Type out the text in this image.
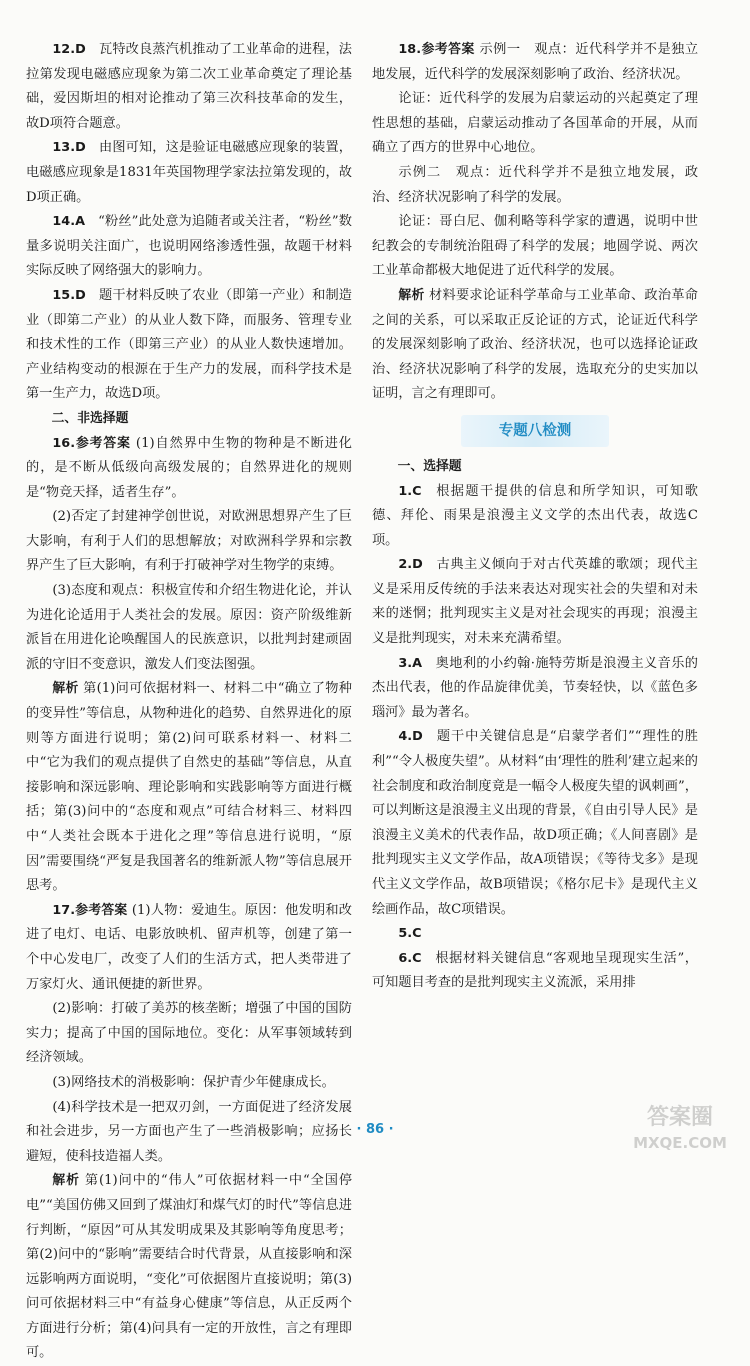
12.D  瓦特改良蒸汽机推动了工业革命的进程，法拉第发现电磁感应现象为第二次工业革命奠定了理论基础，爱因斯坦的相对论推动了第三次科技革命的发生，故D项符合题意。

13.D  由图可知，这是验证电磁感应现象的装置，电磁感应现象是1831年英国物理学家法拉第发现的，故D项正确。

14.A  “粉丝”此处意为追随者或关注者，“粉丝”数量多说明关注面广，也说明网络渗透性强，故题干材料实际反映了网络强大的影响力。

15.D  题干材料反映了农业（即第一产业）和制造业（即第二产业）的从业人数下降，而服务、管理专业和技术性的工作（即第三产业）的从业人数快速增加。产业结构变动的根源在于生产力的发展，而科学技术是第一生产力，故选D项。

二、非选择题

16.参考答案 (1)自然界中生物的物种是不断进化的，是不断从低级向高级发展的；自然界进化的规则是“物竞天择，适者生存”。

(2)否定了封建神学创世说，对欧洲思想界产生了巨大影响，有利于人们的思想解放；对欧洲科学界和宗教界产生了巨大影响，有利于打破神学对生物学的束缚。

(3)态度和观点：积极宣传和介绍生物进化论，并认为进化论适用于人类社会的发展。原因：资产阶级维新派旨在用进化论唤醒国人的民族意识，以批判封建顽固派的守旧不变意识，激发人们变法图强。

解析 第(1)问可依据材料一、材料二中“确立了物种的变异性”等信息，从物种进化的趋势、自然界进化的原则等方面进行说明；第(2)问可联系材料一、材料二中“它为我们的观点提供了自然史的基础”等信息，从直接影响和深远影响、理论影响和实践影响等方面进行概括；第(3)问中的“态度和观点”可结合材料三、材料四中“人类社会既本于进化之理”等信息进行说明，“原因”需要围绕“严复是我国著名的维新派人物”等信息展开思考。

17.参考答案 (1)人物：爱迪生。原因：他发明和改进了电灯、电话、电影放映机、留声机等，创建了第一个中心发电厂，改变了人们的生活方式，把人类带进了万家灯火、通讯便捷的新世界。

(2)影响：打破了美苏的核垄断；增强了中国的国防实力；提高了中国的国际地位。变化：从军事领域转到经济领域。

(3)网络技术的消极影响：保护青少年健康成长。

(4)科学技术是一把双刃剑，一方面促进了经济发展和社会进步，另一方面也产生了一些消极影响；应扬长避短，使科技造福人类。

解析 第(1)问中的“伟人”可依据材料一中“全国停电”“美国仿佛又回到了煤油灯和煤气灯的时代”等信息进行判断，“原因”可从其发明成果及其影响等角度思考；第(2)问中的“影响”需要结合时代背景，从直接影响和深远影响两方面说明，“变化”可依据图片直接说明；第(3)问可依据材料三中“有益身心健康”等信息，从正反两个方面进行分析；第(4)问具有一定的开放性，言之有理即可。

18.参考答案 示例一　 观点：近代科学并不是独立地发展，近代科学的发展深刻影响了政治、经济状况。

论证：近代科学的发展为启蒙运动的兴起奠定了理性思想的基础，启蒙运动推动了各国革命的开展，从而确立了西方的世界中心地位。

示例二　 观点：近代科学并不是独立地发展，政治、经济状况影响了科学的发展。

论证：哥白尼、伽利略等科学家的遭遇，说明中世纪教会的专制统治阻碍了科学的发展；地圆学说、两次工业革命都极大地促进了近代科学的发展。

解析 材料要求论证科学革命与工业革命、政治革命之间的关系，可以采取正反论证的方式，论证近代科学的发展深刻影响了政治、经济状况，也可以选择论证政治、经济状况影响了科学的发展，选取充分的史实加以证明，言之有理即可。

专题八检测

一、选择题

1.C  根据题干提供的信息和所学知识，可知歌德、拜伦、雨果是浪漫主义文学的杰出代表，故选C项。

2.D  古典主义倾向于对古代英雄的歌颂；现代主义是采用反传统的手法来表达对现实社会的失望和对未来的迷惘；批判现实主义是对社会现实的再现；浪漫主义是批判现实，对未来充满希望。

3.A  奥地利的小约翰·施特劳斯是浪漫主义音乐的杰出代表，他的作品旋律优美，节奏轻快，以《蓝色多瑙河》最为著名。

4.D  题干中关键信息是“启蒙学者们”“理性的胜利”“令人极度失望”。从材料“由‘理性的胜利’建立起来的社会制度和政治制度竟是一幅令人极度失望的讽刺画”，可以判断这是浪漫主义出现的背景，《自由引导人民》是浪漫主义美术的代表作品，故D项正确；《人间喜剧》是批判现实主义文学作品，故A项错误；《等待戈多》是现代主义文学作品，故B项错误；《格尔尼卡》是现代主义绘画作品，故C项错误。

5.C 

6.C  根据材料关键信息“客观地呈现现实生活”，可知题目考查的是批判现实主义流派，采用排

· 86 ·	答案圈
MXQE.COM
